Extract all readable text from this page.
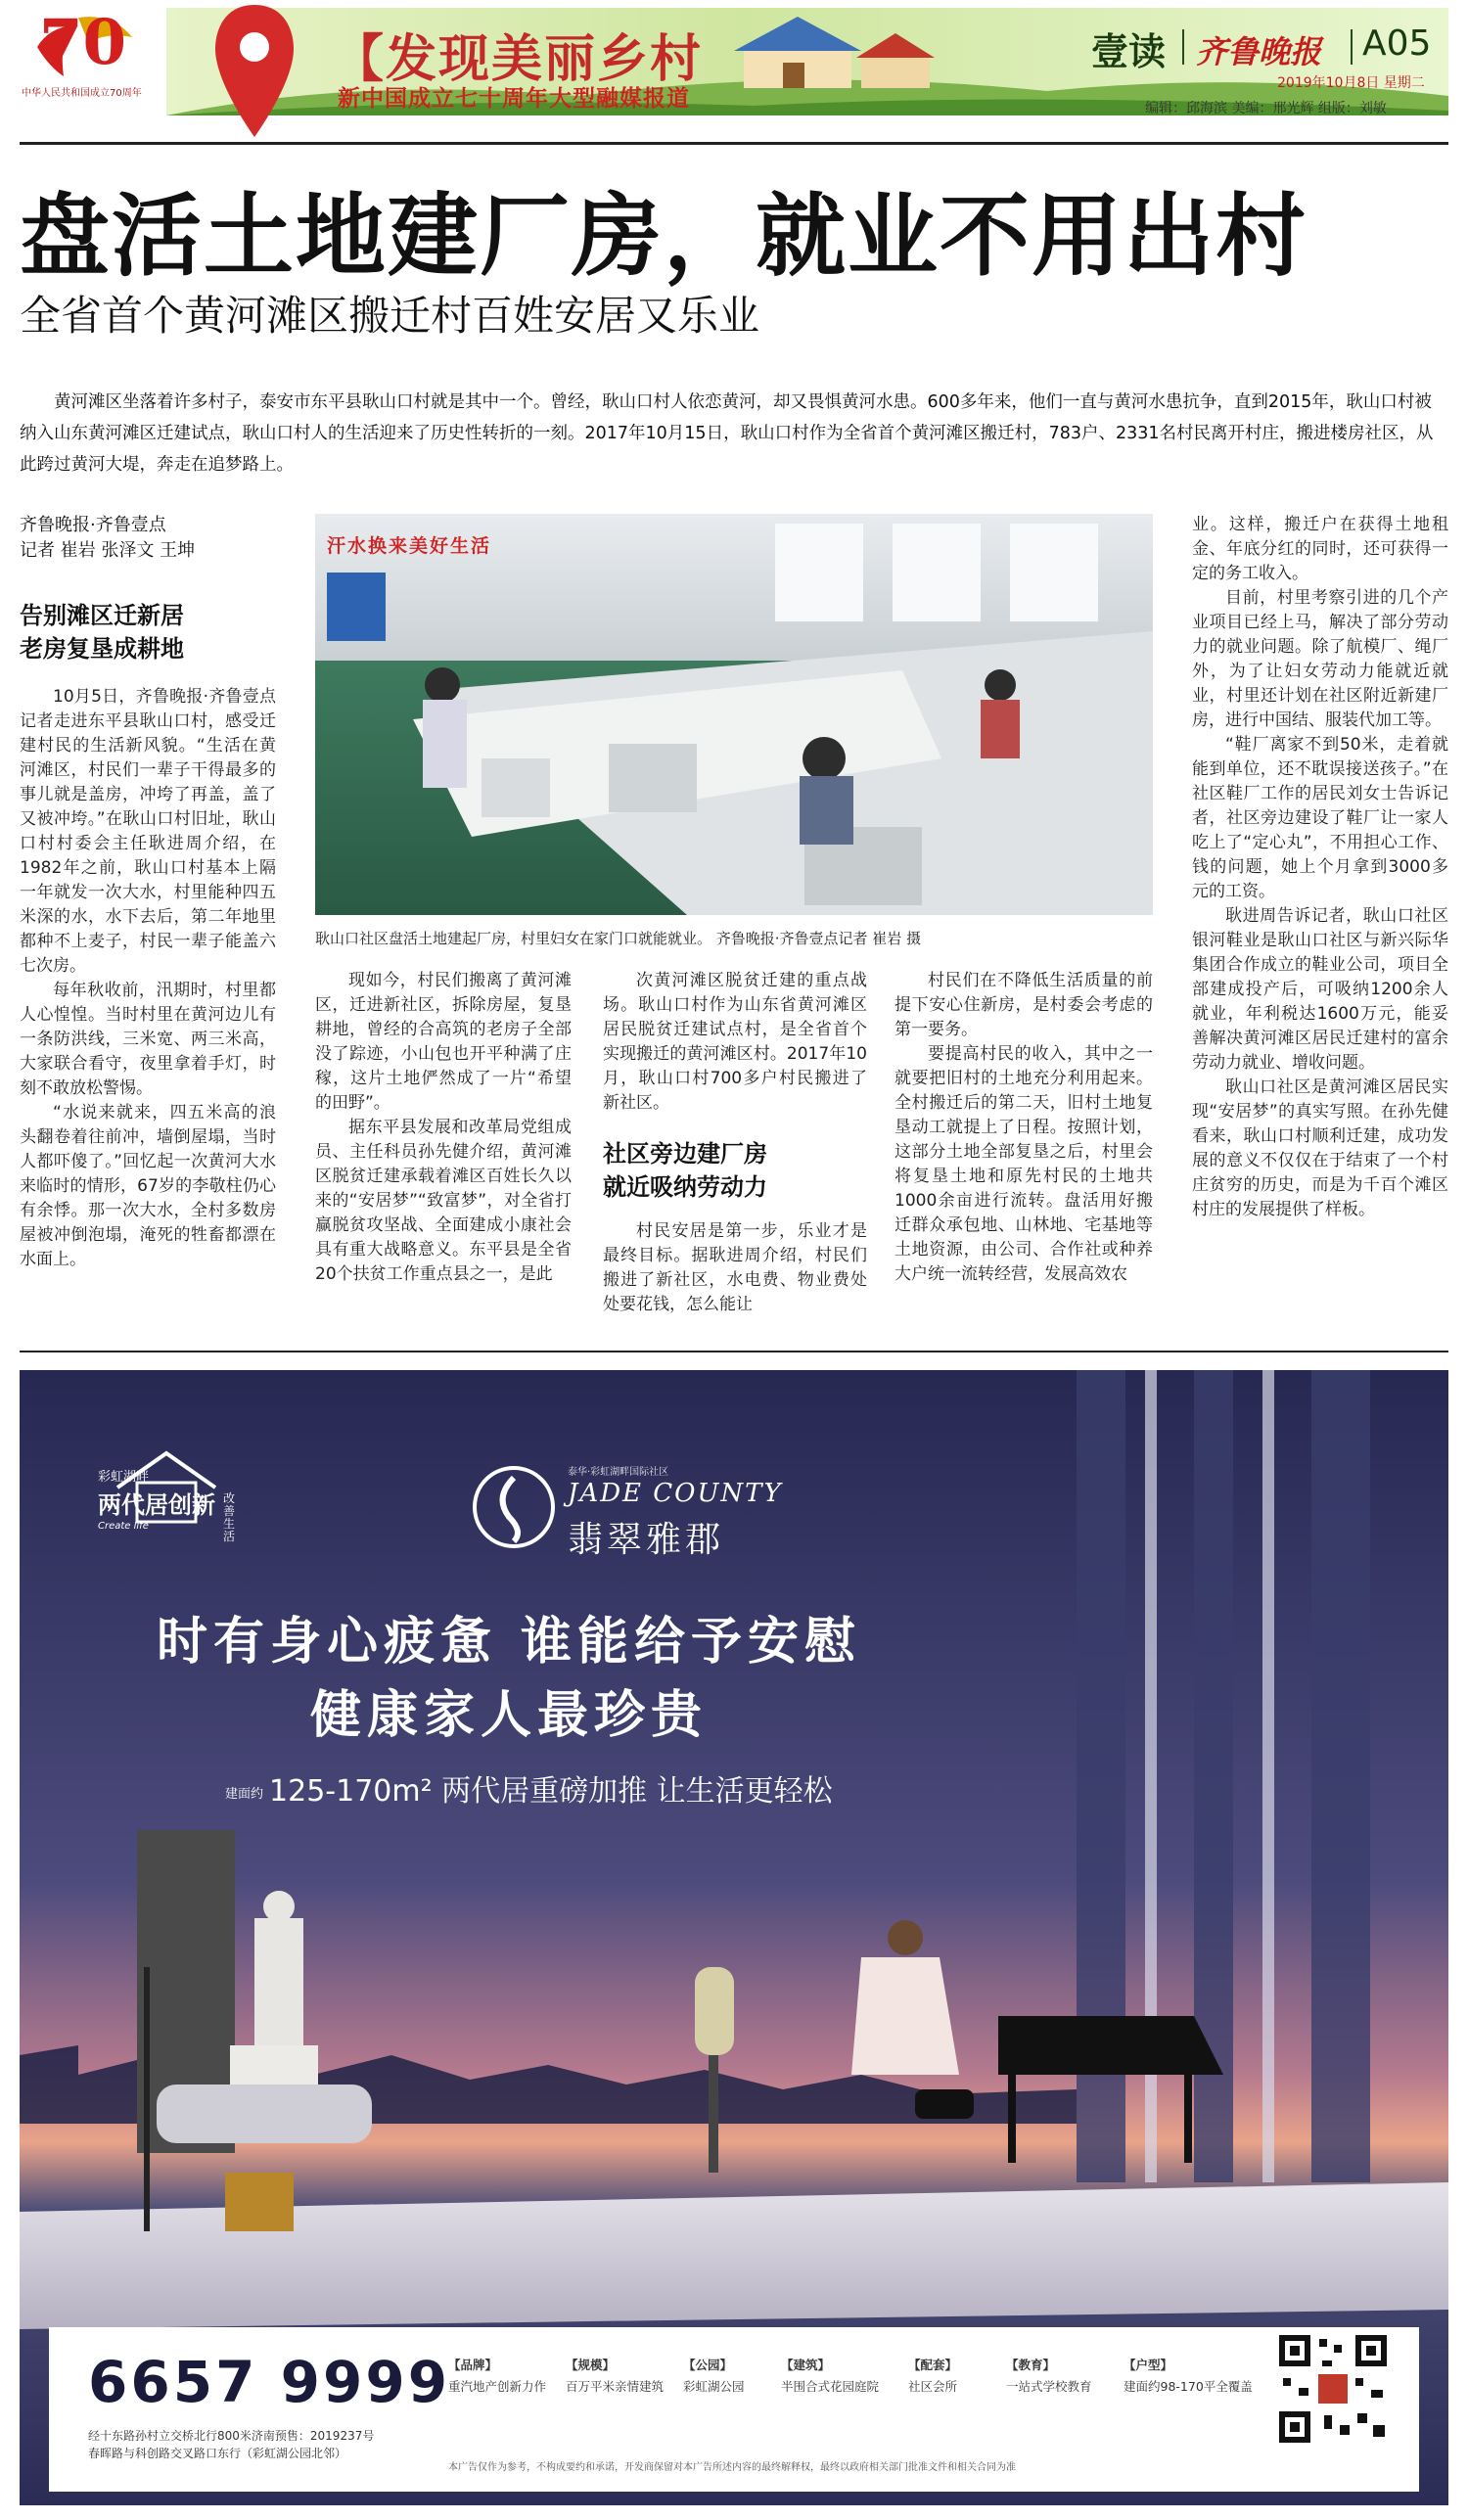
70
中华人民共和国成立70周年
【发现美丽乡村
新中国成立七十周年大型融媒报道
壹读 齐鲁晚报 A05
2019年10月8日 星期二
编辑：邱海滨 美编：邢光辉 组版：刘敏
盘活土地建厂房，就业不用出村
全省首个黄河滩区搬迁村百姓安居又乐业
黄河滩区坐落着许多村子，泰安市东平县耿山口村就是其中一个。曾经，耿山口村人依恋黄河，却又畏惧黄河水患。600多年来，他们一直与黄河水患抗争，直到2015年，耿山口村被纳入山东黄河滩区迁建试点，耿山口村人的生活迎来了历史性转折的一刻。2017年10月15日，耿山口村作为全省首个黄河滩区搬迁村，783户、2331名村民离开村庄，搬进楼房社区，从此跨过黄河大堤，奔走在追梦路上。
齐鲁晚报·齐鲁壹点
记者 崔岩 张泽文 王坤
告别滩区迁新居
老房复垦成耕地

10月5日，齐鲁晚报·齐鲁壹点记者走进东平县耿山口村，感受迁建村民的生活新风貌。“生活在黄河滩区，村民们一辈子干得最多的事儿就是盖房，冲垮了再盖，盖了又被冲垮。”在耿山口村旧址，耿山口村村委会主任耿进周介绍，在1982年之前，耿山口村基本上隔一年就发一次大水，村里能种四五米深的水，水下去后，第二年地里都种不上麦子，村民一辈子能盖六七次房。

每年秋收前，汛期时，村里都人心惶惶。当时村里在黄河边儿有一条防洪线，三米宽、两三米高，大家联合看守，夜里拿着手灯，时刻不敢放松警惕。

“水说来就来，四五米高的浪头翻卷着往前冲，墙倒屋塌，当时人都吓傻了。”回忆起一次黄河大水来临时的情形，67岁的李敬柱仍心有余悸。那一次大水，全村多数房屋被冲倒泡塌，淹死的牲畜都漂在水面上。

汗水换来美好生活
耿山口社区盘活土地建起厂房，村里妇女在家门口就能就业。 齐鲁晚报·齐鲁壹点记者 崔岩 摄

现如今，村民们搬离了黄河滩区，迁进新社区，拆除房屋，复垦耕地，曾经的合高筑的老房子全部没了踪迹，小山包也开平种满了庄稼，这片土地俨然成了一片“希望的田野”。

据东平县发展和改革局党组成员、主任科员孙先健介绍，黄河滩区脱贫迁建承载着滩区百姓长久以来的“安居梦”“致富梦”，对全省打赢脱贫攻坚战、全面建成小康社会具有重大战略意义。东平县是全省20个扶贫工作重点县之一，是此

次黄河滩区脱贫迁建的重点战场。耿山口村作为山东省黄河滩区居民脱贫迁建试点村，是全省首个实现搬迁的黄河滩区村。2017年10月，耿山口村700多户村民搬进了新社区。

社区旁边建厂房
就近吸纳劳动力

村民安居是第一步，乐业才是最终目标。据耿进周介绍，村民们搬进了新社区，水电费、物业费处处要花钱，怎么能让

村民们在不降低生活质量的前提下安心住新房，是村委会考虑的第一要务。

要提高村民的收入，其中之一就要把旧村的土地充分利用起来。全村搬迁后的第二天，旧村土地复垦动工就提上了日程。按照计划，这部分土地全部复垦之后，村里会将复垦土地和原先村民的土地共1000余亩进行流转。盘活用好搬迁群众承包地、山林地、宅基地等土地资源，由公司、合作社或种养大户统一流转经营，发展高效农

业。这样，搬迁户在获得土地租金、年底分红的同时，还可获得一定的务工收入。

目前，村里考察引进的几个产业项目已经上马，解决了部分劳动力的就业问题。除了航模厂、绳厂外，为了让妇女劳动力能就近就业，村里还计划在社区附近新建厂房，进行中国结、服装代加工等。

“鞋厂离家不到50米，走着就能到单位，还不耽误接送孩子。”在社区鞋厂工作的居民刘女士告诉记者，社区旁边建设了鞋厂让一家人吃上了“定心丸”，不用担心工作、钱的问题，她上个月拿到3000多元的工资。

耿进周告诉记者，耿山口社区银河鞋业是耿山口社区与新兴际华集团合作成立的鞋业公司，项目全部建成投产后，可吸纳1200余人就业，年利税达1600万元，能妥善解决黄河滩区居民迁建村的富余劳动力就业、增收问题。

耿山口社区是黄河滩区居民实现“安居梦”的真实写照。在孙先健看来，耿山口村顺利迁建，成功发展的意义不仅仅在于结束了一个村庄贫穷的历史，而是为千百个滩区村庄的发展提供了样板。

彩虹湖畔
两代居创新 改善生活
Create life
泰华·彩虹湖畔国际社区
JADE COUNTY
翡翠雅郡
时有身心疲惫 谁能给予安慰
健康家人最珍贵
建面约 125-170m² 两代居重磅加推 让生活更轻松
6657 9999
经十东路孙村立交桥北行800米济南预售：2019237号
春晖路与科创路交叉路口东行（彩虹湖公园北邻）
【品牌】
重汽地产创新力作
【规模】
百万平米亲情建筑
【公园】
彩虹湖公园
【建筑】
半围合式花园庭院
【配套】
社区会所
【教育】
一站式学校教育
【户型】
建面约98-170平全覆盖
本广告仅作为参考，不构成要约和承诺，开发商保留对本广告所述内容的最终解释权，最终以政府相关部门批准文件和相关合同为准
